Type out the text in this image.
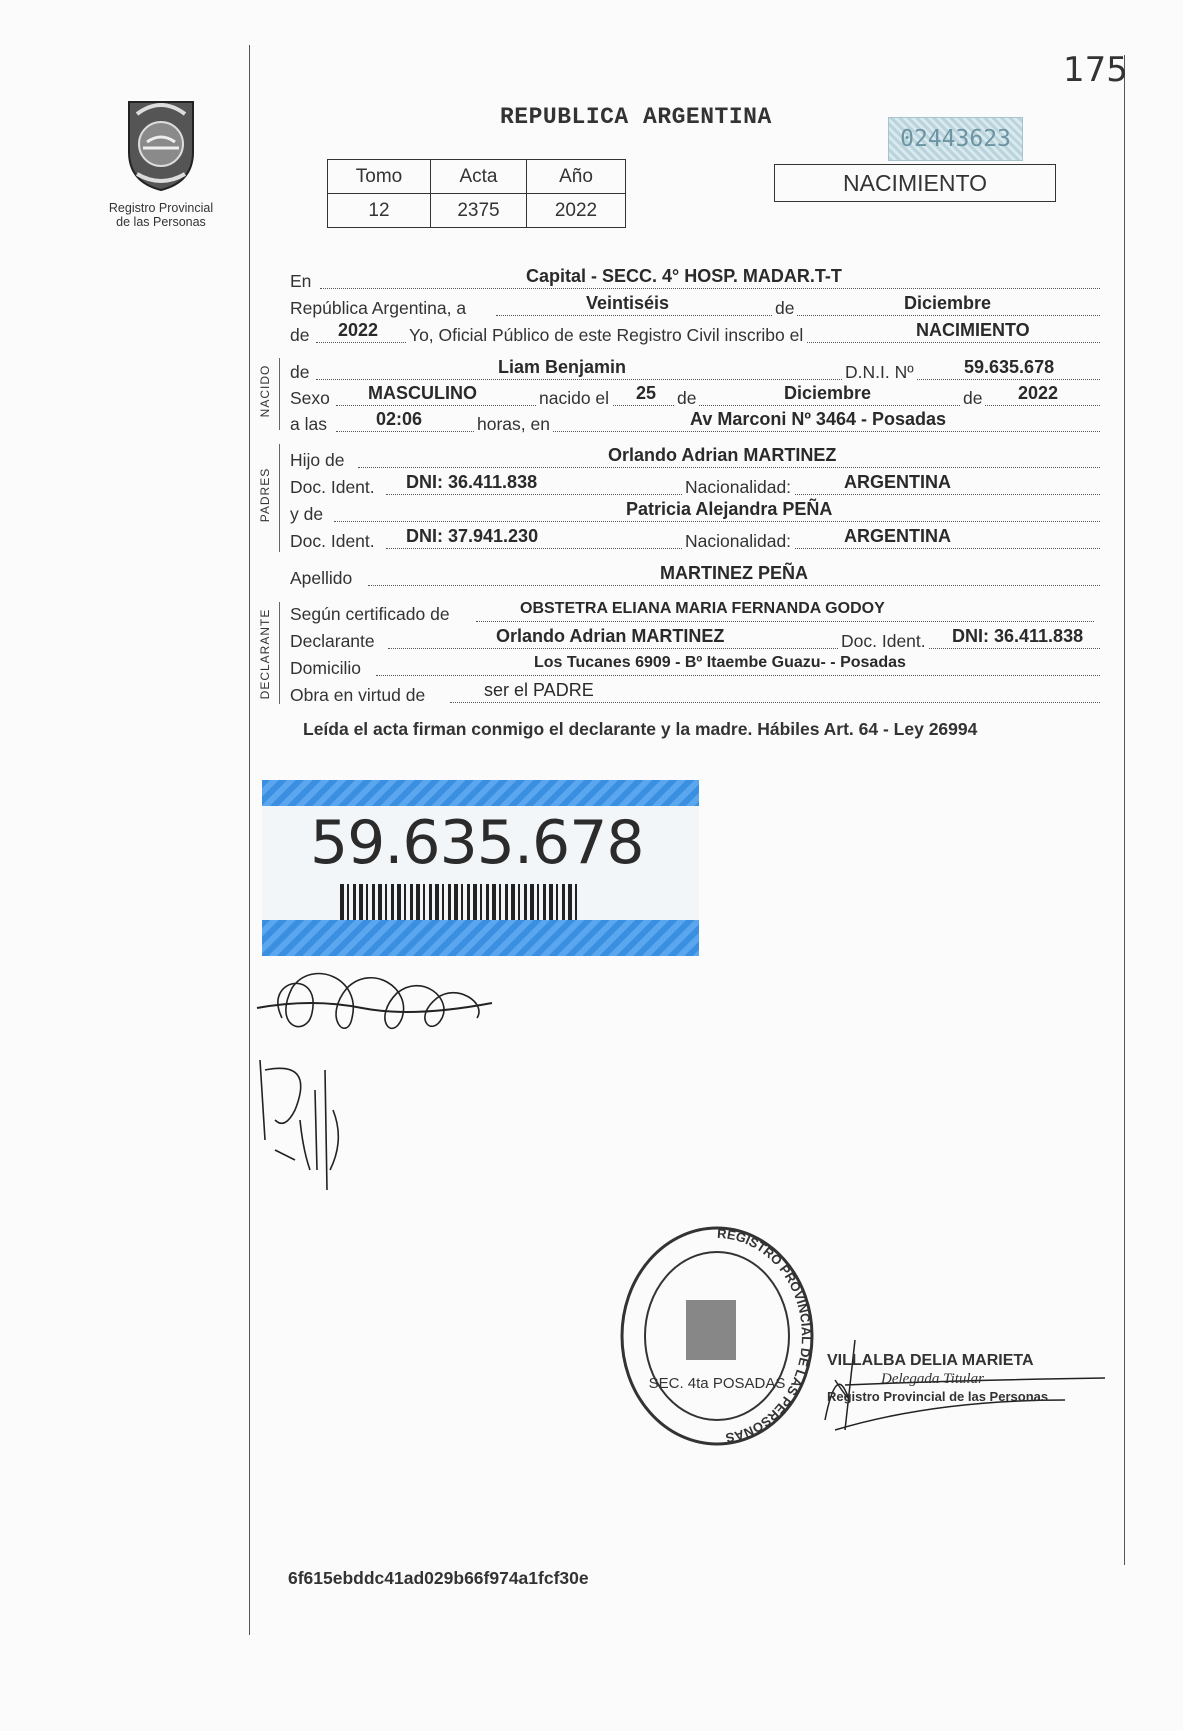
175
Registro Provincial
de las Personas
REPUBLICA ARGENTINA
02443623
Tomo	Acta	Año
12	2375	2022
NACIMIENTO
En	Capital - SECC. 4° HOSP. MADAR.T-T
República Argentina, a	Veintiséis	de	Diciembre
de 2022 Yo, Oficial Público de este Registro Civil inscribo el	NACIMIENTO
NACIDO
PADRES
DECLARANTE
de	Liam Benjamin	D.N.I. Nº	59.635.678
Sexo MASCULINO	nacido el 25 de	Diciembre	de 2022
a las	02:06	horas, en	Av Marconi Nº 3464 - Posadas
Hijo de	Orlando Adrian MARTINEZ
Doc. Ident. DNI: 36.411.838	Nacionalidad:	ARGENTINA
y de	Patricia Alejandra PEÑA
Doc. Ident. DNI: 37.941.230	Nacionalidad:	ARGENTINA
Apellido	MARTINEZ PEÑA
Según certificado de	OBSTETRA ELIANA MARIA FERNANDA GODOY
Declarante	Orlando Adrian MARTINEZ	Doc. Ident. DNI: 36.411.838
Domicilio	Los Tucanes 6909 - Bº Itaembe Guazu- - Posadas
Obra en virtud de	ser el PADRE
Leída el acta firman conmigo el declarante y la madre. Hábiles Art. 64 - Ley 26994
59.635.678
REGISTRO PROVINCIAL DE LAS PERSONAS
SEC. 4ta POSADAS
VILLALBA DELIA MARIETA
Delegada Titular
Registro Provincial de las Personas
6f615ebddc41ad029b66f974a1fcf30e
